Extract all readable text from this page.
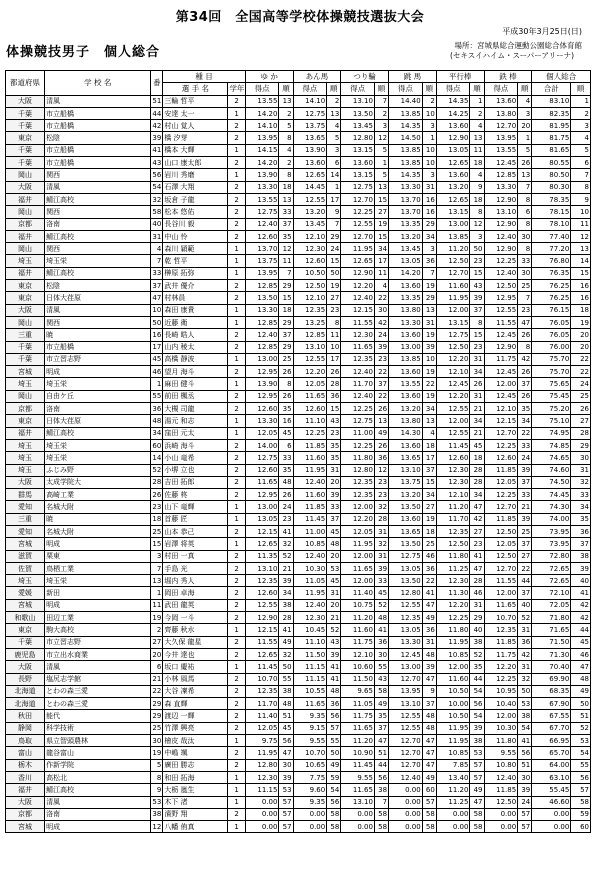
第34回　全国高等学校体操競技選抜大会
平成30年3月25日(日)
場所：宮城県総合運動公園総合体育館
(セキスイハイム・スーパーアリーナ)
体操競技男子　個人総合
都道府県	学 校 名	番	種 目		ゆ か		あん馬		つり輪		跳 馬		平行棒		鉄 棒		個人総合	
			選 手 名	学年	得点	順	得点	順	得点	順	得点	順	得点	順	得点	順	合計	順
大阪	清風	51	三輪 哲平	2	13.55	13	14.10	2	13.10	7	14.40	2	14.35	1	13.60	4	83.10	1
千葉	市立船橋	44	安達 太一	1	14.20	2	12.75	13	13.50	2	13.85	10	14.25	2	13.80	3	82.35	2
千葉	市立船橋	42	村山 覚人	2	14.10	5	13.75	4	13.45	3	14.35	3	13.60	4	12.70	20	81.95	3
東京	松陰	39	橋 汐芽	2	13.95	8	13.65	5	12.80	12	14.50	1	12.90	13	13.95	1	81.75	4
千葉	市立船橋	41	橋本 大輝	1	14.15	4	13.90	3	13.15	5	13.85	10	13.05	11	13.55	5	81.65	5
千葉	市立船橋	43	山口 康太郎	2	14.20	2	13.60	6	13.60	1	13.85	10	12.65	18	12.45	26	80.55	6
岡山	関西	56	岩川 秀磨	1	13.90	8	12.65	14	13.15	5	14.35	3	13.60	4	12.85	13	80.50	7
大阪	清風	54	石澤 大翔	2	13.30	18	14.45	1	12.75	13	13.30	31	13.20	9	13.30	7	80.30	8
福井	鯖江高校	32	坂倉 子龍	2	13.55	13	12.55	17	12.70	15	13.70	16	12.65	18	12.90	8	78.35	9
岡山	関西	58	松本 悠佑	2	12.75	33	13.20	9	12.25	27	13.70	16	13.15	8	13.10	6	78.15	10
京都	洛南	40	長谷川 毅	2	12.40	37	13.45	7	12.55	19	13.35	29	13.00	12	12.90	8	78.10	11
福井	鯖江高校	31	中山 怜	2	12.60	35	12.10	29	12.70	15	13.20	34	13.85	3	12.40	30	77.40	12
岡山	関西	4	森川 穎範	1	13.70	12	12.30	24	11.95	34	13.45	3	11.20	50	12.90	8	77.20	13
埼玉	埼玉栄	7	乾 哲平	1	13.75	11	12.60	15	12.65	17	13.05	36	12.50	23	12.25	33	76.80	14
福井	鯖江高校	33	榊原 拓弥	1	13.95	7	10.50	50	12.90	11	14.20	7	12.70	15	12.40	30	76.35	15
東京	松陰	37	武井 優介	2	12.85	29	12.50	19	12.20	4	13.60	19	11.60	43	12.50	25	76.25	16
東京	日体大荏原	47	村林員	2	13.50	15	12.10	27	12.40	22	13.35	29	11.95	39	12.95	7	76.25	16
大阪	清風	10	森田 康貴	1	13.30	18	12.35	23	12.15	30	13.80	13	12.00	37	12.55	23	76.15	18
岡山	関西	50	近藤 衛	1	12.85	29	13.25	8	11.55	42	13.30	31	13.15	8	11.55	47	76.05	19
三重	暁	16	長崎 晧人	2	12.40	37	12.85	11	12.30	24	13.60	19	12.75	15	12.45	26	76.05	20
千葉	市立船橋	17	山内 稜太	2	12.85	29	13.10	10	11.65	39	13.00	39	12.50	23	12.90	8	76.00	20
千葉	市立習志野	45	高橋 靜波	1	13.00	25	12.55	17	12.35	23	13.85	10	12.20	31	11.75	42	75.70	22
宮城	明成	46	望月 海斗	2	12.95	26	12.20	26	12.40	22	13.60	19	12.10	34	12.45	26	75.70	22
埼玉	埼玉栄	1	麻田 健斗	1	13.90	8	12.05	28	11.70	37	13.55	22	12.45	26	12.00	37	75.65	24
岡山	自由ケ丘	55	前田 楓丞	2	12.95	26	11.65	36	12.40	22	13.60	19	12.20	31	12.45	26	75.45	25
京都	洛南	36	大槻 司龍	2	12.60	35	12.60	15	12.25	26	13.20	34	12.55	21	12.10	35	75.20	26
東京	日体大荏原	48	湯元 和志	1	13.30	16	11.10	43	12.75	13	13.80	13	12.00	34	12.15	34	75.10	27
福井	鯖江高校	34	窪田 元太	1	12.05	45	12.25	23	11.00	49	14.30	4	12.55	21	12.70	22	74.95	28
埼玉	埼玉栄	60	浜崎 海斗	2	14.00	6	11.85	35	12.25	26	13.60	18	11.45	45	12.25	33	74.85	29
埼玉	埼玉栄	14	小山 竜希	2	12.75	33	11.60	35	11.80	36	13.65	17	12.60	18	12.60	24	74.65	30
埼玉	ふじみ野	52	小堺 立也	2	12.60	35	11.95	31	12.80	12	13.10	37	12.30	28	11.85	39	74.60	31
大阪	太成学院大	28	吉田 拓郎	2	11.65	48	12.40	20	12.35	23	13.75	15	12.30	28	12.05	37	74.50	32
群馬	高崎工業	26	佐藤 柊	2	12.95	26	11.60	39	12.35	23	13.20	34	12.10	34	12.25	33	74.45	33
愛知	名城大附	23	山下 竜輝	1	13.00	24	11.85	33	12.00	32	13.50	27	11.20	47	12.70	21	74.30	34
三重	暁	18	首藤 匠	1	13.05	23	11.45	37	12.20	28	13.60	19	11.70	42	11.85	39	74.00	35
愛知	名城大附	25	山本 恭己	2	12.15	41	11.00	45	12.05	31	13.65	18	12.35	27	12.50	25	73.95	36
宮城	明成	15	岩澤 将英	1	12.65	32	10.85	48	11.95	32	13.50	25	12.50	23	12.05	37	73.95	37
滋賀	栗東	3	村田 一真	2	11.35	52	12.40	20	12.00	31	12.75	46	11.80	41	12.50	27	72.80	38
佐賀	鳥栖工業	7	手島 光	2	13.10	21	10.30	53	11.65	39	13.05	36	11.25	47	12.70	22	72.65	39
埼玉	埼玉栄	13	堀内 秀人	2	12.35	39	11.05	45	12.00	33	13.50	22	12.30	28	11.55	44	72.65	40
愛媛	新田	1	岡田 卓海	2	12.60	34	11.95	31	11.40	45	12.80	41	11.30	46	12.00	37	72.10	41
宮城	明成	11	武田 龍英	2	12.55	38	12.40	20	10.75	52	12.55	47	12.20	31	11.65	40	72.05	42
和歌山	田辺工業	19	今岡 一斗	2	12.90	28	12.30	21	11.20	48	12.35	49	12.25	29	10.70	52	71.80	42
東京	駒大高校	2	齊藤 秋水	1	12.15	41	10.45	52	11.60	41	13.05	36	11.80	40	12.35	31	71.65	44
千葉	市立習志野	27	大久保 龍星	2	11.55	49	11.10	43	11.75	36	13.30	31	11.95	38	11.85	36	71.50	45
鹿児島	市立出水商業	20	今井 達也	2	12.65	32	11.50	39	12.10	30	12.45	48	10.85	52	11.75	42	71.30	46
大阪	清風	6	坂口 慶祐	1	11.45	50	11.15	41	10.60	55	13.00	39	12.00	35	12.20	31	70.40	47
長野	塩尻志学館	21	小林 風馬	2	10.70	55	11.15	41	11.50	43	12.70	47	11.60	44	12.25	32	69.90	48
北海道	とわの森三愛	22	大谷 凜希	2	12.35	38	10.55	48	9.65	58	13.95	9	10.50	54	10.95	50	68.35	49
北海道	とわの森三愛	29	森 直輝	2	11.70	48	11.65	36	11.05	49	13.10	37	10.00	56	10.40	53	67.90	50
秋田	能代	29	渡辺 一輝	2	11.40	51	9.35	56	11.75	35	12.55	48	10.50	54	12.00	38	67.55	51
静岡	科学技術	25	竹澤 興亮	2	12.05	45	9.15	57	11.65	37	12.55	48	11.95	39	10.30	54	67.70	52
鳥取	県立智頭農林	30	檜皮 哉汰	1	9.75	56	9.55	55	11.20	47	12.70	47	11.95	38	11.80	41	66.95	53
富山	龍谷富山	19	中嶋 颯	2	11.95	47	10.70	50	10.90	51	12.70	47	10.85	53	9.55	56	65.70	54
栃木	作新学院	5	廣田 勝志	2	12.80	30	10.65	49	11.45	44	12.70	47	7.85	57	10.80	51	64.00	55
香川	高松北	8	和田 拓海	1	12.30	39	7.75	59	9.55	56	12.40	49	13.40	57	12.40	30	63.10	56
福井	鯖江高校	9	大栃 嵐生	1	11.15	53	9.60	54	11.65	38	0.00	60	11.20	49	11.85	39	55.45	57
大阪	清風	53	木下 渚	1	0.00	57	9.35	56	13.10	7	0.00	57	11.25	47	12.50	24	46.60	58
京都	洛南	38	濱野 翔	2	0.00	57	0.00	58	0.00	58	0.00	58	0.00	58	0.00	57	0.00	59
宮城	明成	12	八幡 侑真	1	0.00	57	0.00	58	0.00	58	0.00	58	0.00	58	0.00	57	0.00	60
